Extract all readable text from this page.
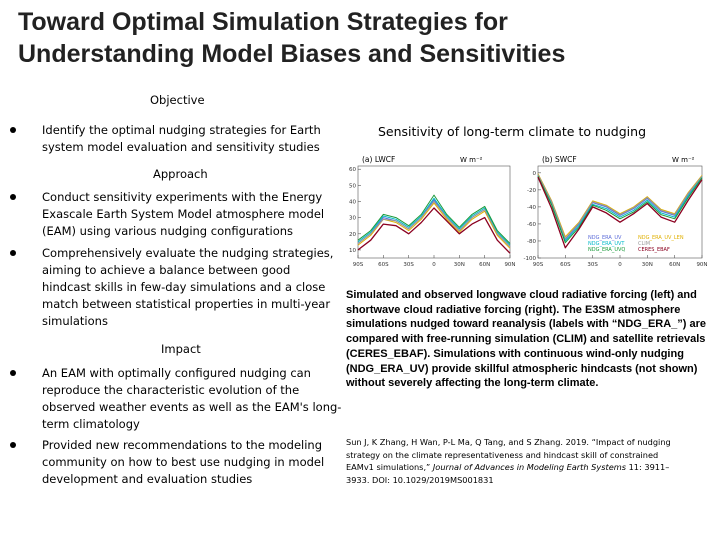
Toward Optimal Simulation Strategies for
Understanding Model Biases and Sensitivities
Objective
Identify the optimal nudging strategies for Earth system model evaluation and sensitivity studies
Approach
Conduct sensitivity experiments with the Energy Exascale Earth System Model atmosphere model (EAM) using various nudging configurations
Comprehensively evaluate the nudging strategies, aiming to achieve a balance between good hindcast skills in few-day simulations and a close match between statistical properties in multi-year simulations
Impact
An EAM with optimally configured nudging can reproduce the characteristic evolution of the observed weather events as well as the EAM's long-term climatology
Provided new recommendations to the modeling community on how to best use nudging in model development and evaluation studies
Sensitivity of long-term climate to nudging
(a) LWCF	W m⁻²
10
20
30
40
50
60
90S	60S	30S	0	30N	60N	90N
(b) SWCF	W m⁻²
-100
-80
-60
-40
-20
0
90S	60S	30S	0	30N	60N	90N
NDG_ERA_UV	NDG_ERA_UV_LEN
NDG_ERA_UVT	CLIM
NDG_ERA_UVQ	CERES_EBAF
Simulated and observed longwave cloud radiative forcing (left) and shortwave cloud radiative forcing (right). The E3SM atmosphere simulations nudged toward reanalysis (labels with “NDG_ERA_”) are compared with free-running simulation (CLIM) and satellite retrievals (CERES_EBAF). Simulations with continuous wind-only nudging (NDG_ERA_UV) provide skillful atmospheric hindcasts (not shown) without severely affecting the long-term climate.
Sun J, K Zhang, H Wan, P-L Ma, Q Tang, and S Zhang. 2019. “Impact of nudging strategy on the climate representativeness and hindcast skill of constrained EAMv1 simulations,” Journal of Advances in Modeling Earth Systems 11: 3911–3933. DOI: 10.1029/2019MS001831
